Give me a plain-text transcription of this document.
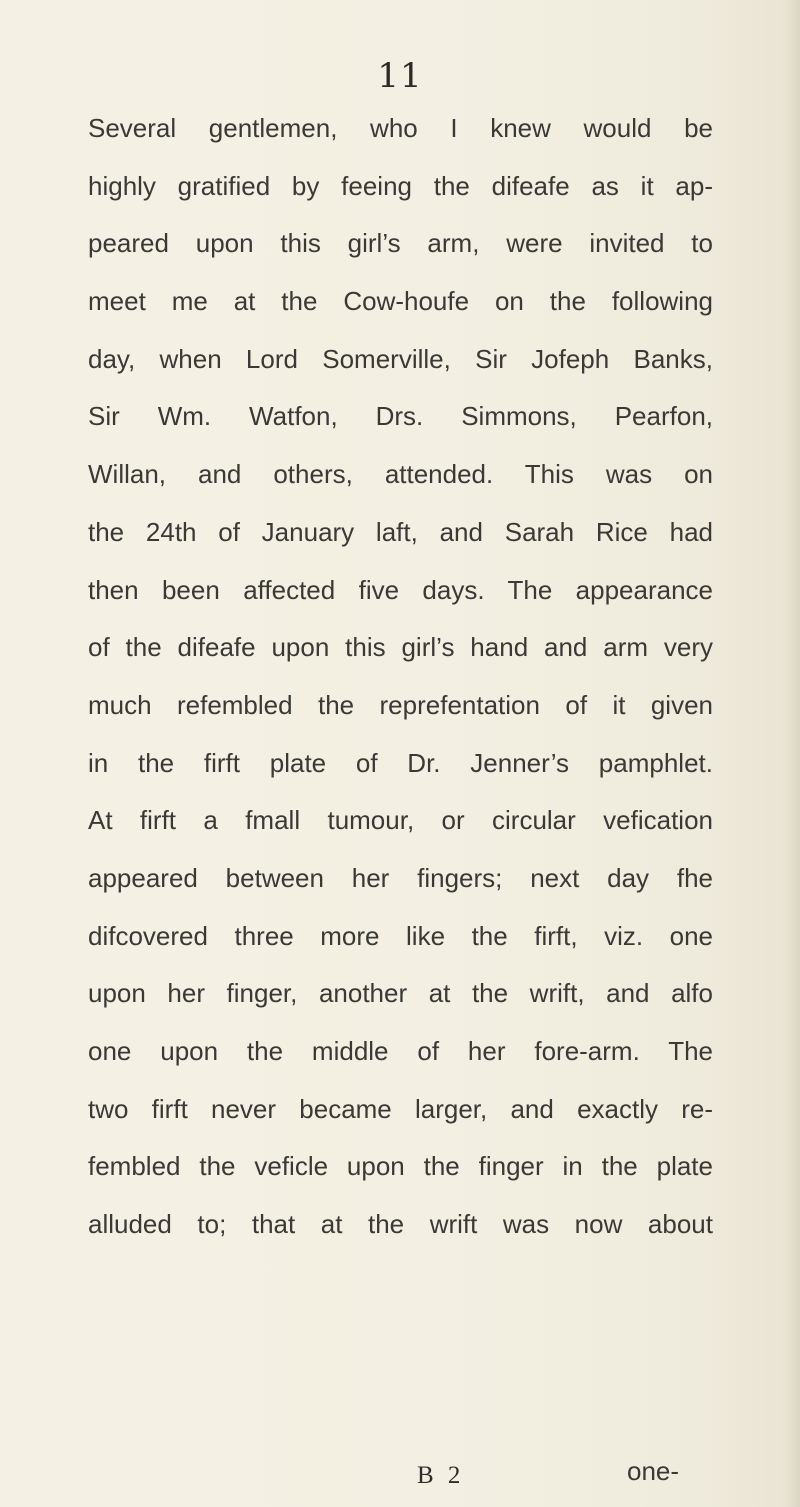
11
Several gentlemen, who I knew would be
highly gratified by feeing the difeafe as it ap-
peared upon this girl’s arm, were invited to
meet me at the Cow-houfe on the following
day, when Lord Somerville, Sir Jofeph Banks,
Sir Wm. Watfon, Drs. Simmons, Pearfon,
Willan, and others, attended. This was on
the 24th of January laft, and Sarah Rice had
then been affected five days. The appearance
of the difeafe upon this girl’s hand and arm very
much refembled the reprefentation of it given
in the firft plate of Dr. Jenner’s pamphlet.
At firft a fmall tumour, or circular vefication
appeared between her fingers; next day fhe
difcovered three more like the firft, viz. one
upon her finger, another at the wrift, and alfo
one upon the middle of her fore-arm. The
two firft never became larger, and exactly re-
fembled the veficle upon the finger in the plate
alluded to; that at the wrift was now about
B 2	one-
